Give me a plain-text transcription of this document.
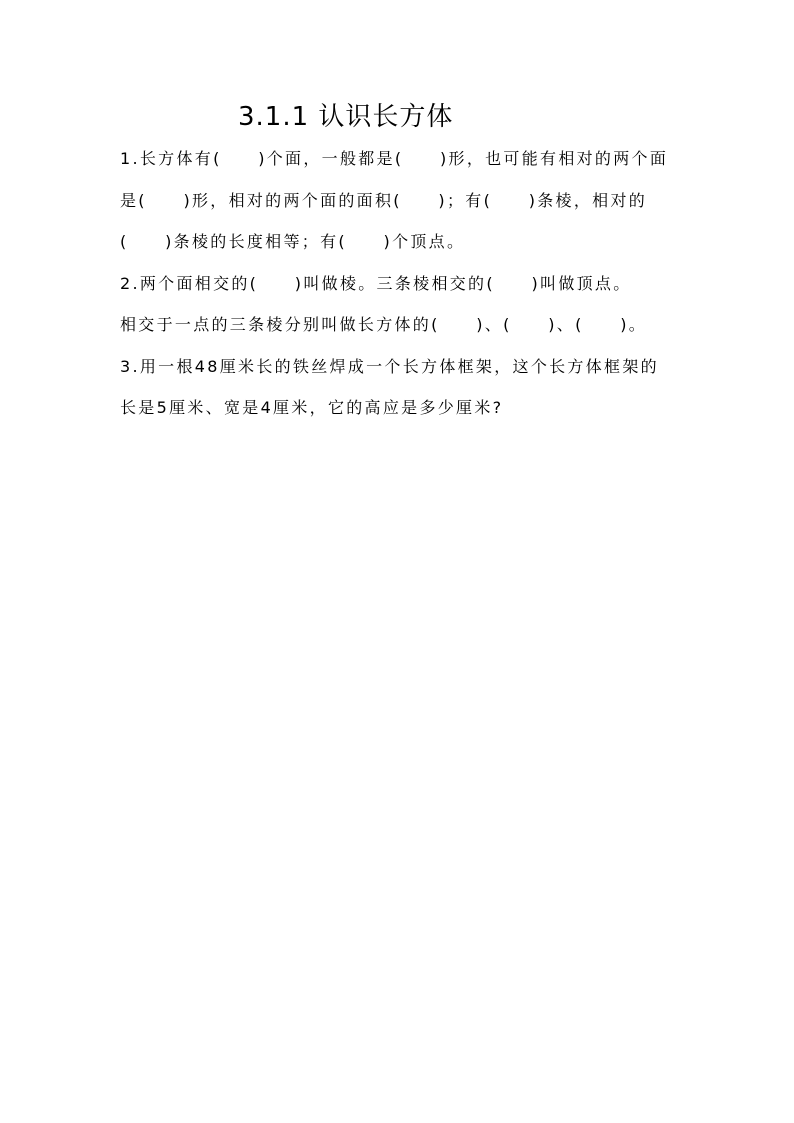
3.1.1 认识长方体
1.长方体有(　　)个面，一般都是(　　)形，也可能有相对的两个面
是(　　)形，相对的两个面的面积(　　)；有(　　)条棱，相对的
(　　)条棱的长度相等；有(　　)个顶点。
2.两个面相交的(　　)叫做棱。三条棱相交的(　　)叫做顶点。
相交于一点的三条棱分别叫做长方体的(　　)、(　　)、(　　)。
3.用一根48厘米长的铁丝焊成一个长方体框架，这个长方体框架的
长是5厘米、宽是4厘米，它的高应是多少厘米?
